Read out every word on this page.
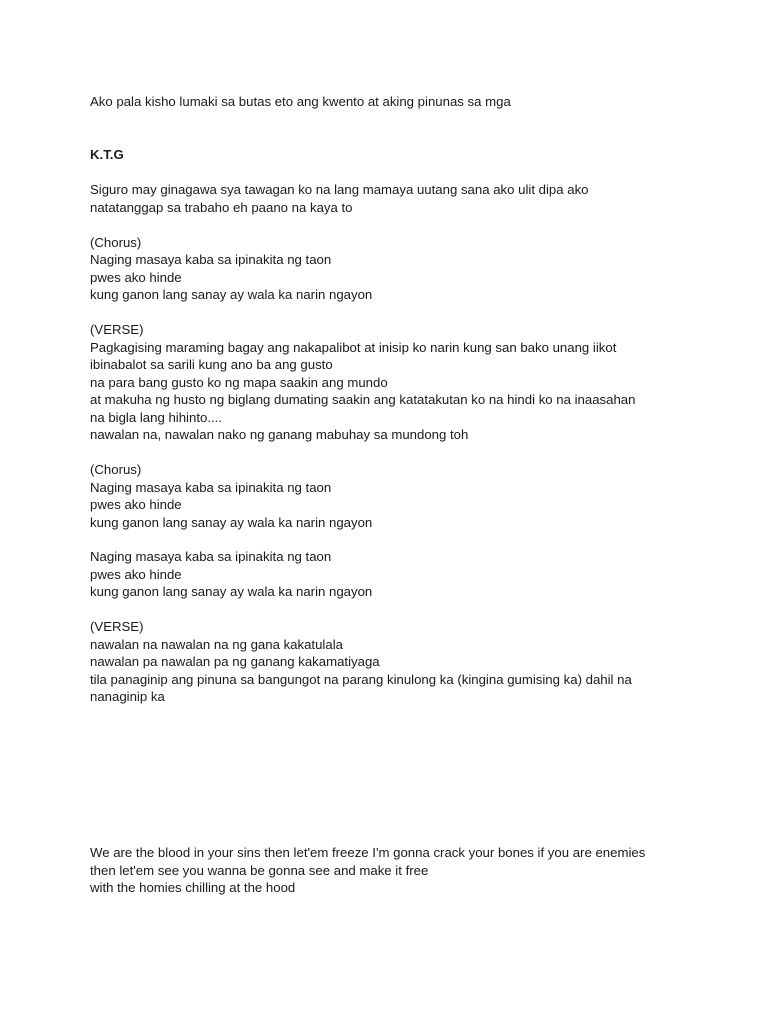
Ako pala kisho lumaki sa butas eto ang kwento at aking pinunas sa mga
K.T.G
Siguro may ginagawa sya tawagan ko na lang mamaya uutang sana ako ulit dipa ako
natatanggap sa trabaho eh paano na kaya to
(Chorus)
Naging masaya kaba sa ipinakita ng taon
pwes ako hinde
kung ganon lang sanay ay wala ka narin ngayon
(VERSE)
Pagkagising maraming bagay ang nakapalibot at inisip ko narin kung san bako unang iikot
ibinabalot sa sarili kung ano ba ang gusto
na para bang gusto ko ng mapa saakin ang mundo
at makuha ng husto ng biglang dumating saakin ang katatakutan ko na hindi ko na inaasahan
na bigla lang hihinto....
nawalan na, nawalan nako ng ganang mabuhay sa mundong toh
(Chorus)
Naging masaya kaba sa ipinakita ng taon
pwes ako hinde
kung ganon lang sanay ay wala ka narin ngayon
Naging masaya kaba sa ipinakita ng taon
pwes ako hinde
kung ganon lang sanay ay wala ka narin ngayon
(VERSE)
nawalan na nawalan na ng gana kakatulala
nawalan pa nawalan pa ng ganang kakamatiyaga
tila panaginip ang pinuna sa bangungot na parang kinulong ka (kingina gumising ka) dahil na
nanaginip ka
We are the blood in your sins then let'em freeze I'm gonna crack your bones if you are enemies
then let'em see you wanna be gonna see and make it free
with the homies chilling at the hood
